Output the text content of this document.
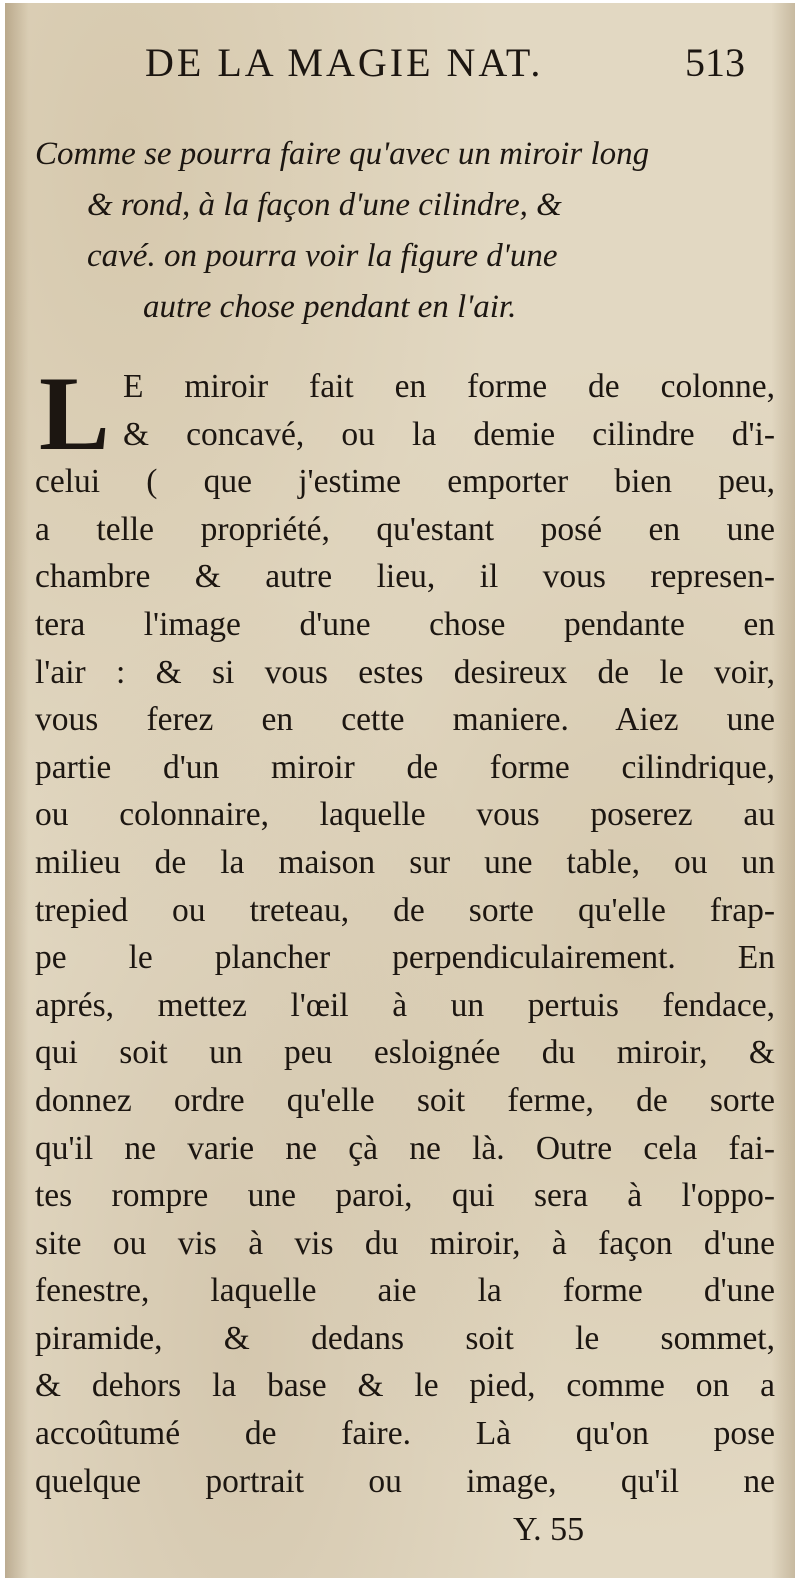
DE LA MAGIE NAT.	513
Comme se pourra faire qu'avec un miroir long
& rond, à la façon d'une cilindre, &
cavé. on pourra voir la figure d'une
autre chose pendant en l'air.
L E miroir fait en forme de colonne,
& concavé, ou la demie cilindre d'i-
celui ( que j'estime emporter bien peu,
a telle propriété, qu'estant posé en une
chambre & autre lieu, il vous represen-
tera l'image d'une chose pendante en
l'air : & si vous estes desireux de le voir,
vous ferez en cette maniere. Aiez une
partie d'un miroir de forme cilindrique,
ou colonnaire, laquelle vous poserez au
milieu de la maison sur une table, ou un
trepied ou treteau, de sorte qu'elle frap-
pe le plancher perpendiculairement. En
aprés, mettez l'œil à un pertuis fendace,
qui soit un peu esloignée du miroir, &
donnez ordre qu'elle soit ferme, de sorte
qu'il ne varie ne çà ne là. Outre cela fai-
tes rompre une paroi, qui sera à l'oppo-
site ou vis à vis du miroir, à façon d'une
fenestre, laquelle aie la forme d'une
piramide, & dedans soit le sommet,
& dehors la base & le pied, comme on a
accoûtumé de faire. Là qu'on pose
quelque portrait ou image, qu'il ne
Y. 55
